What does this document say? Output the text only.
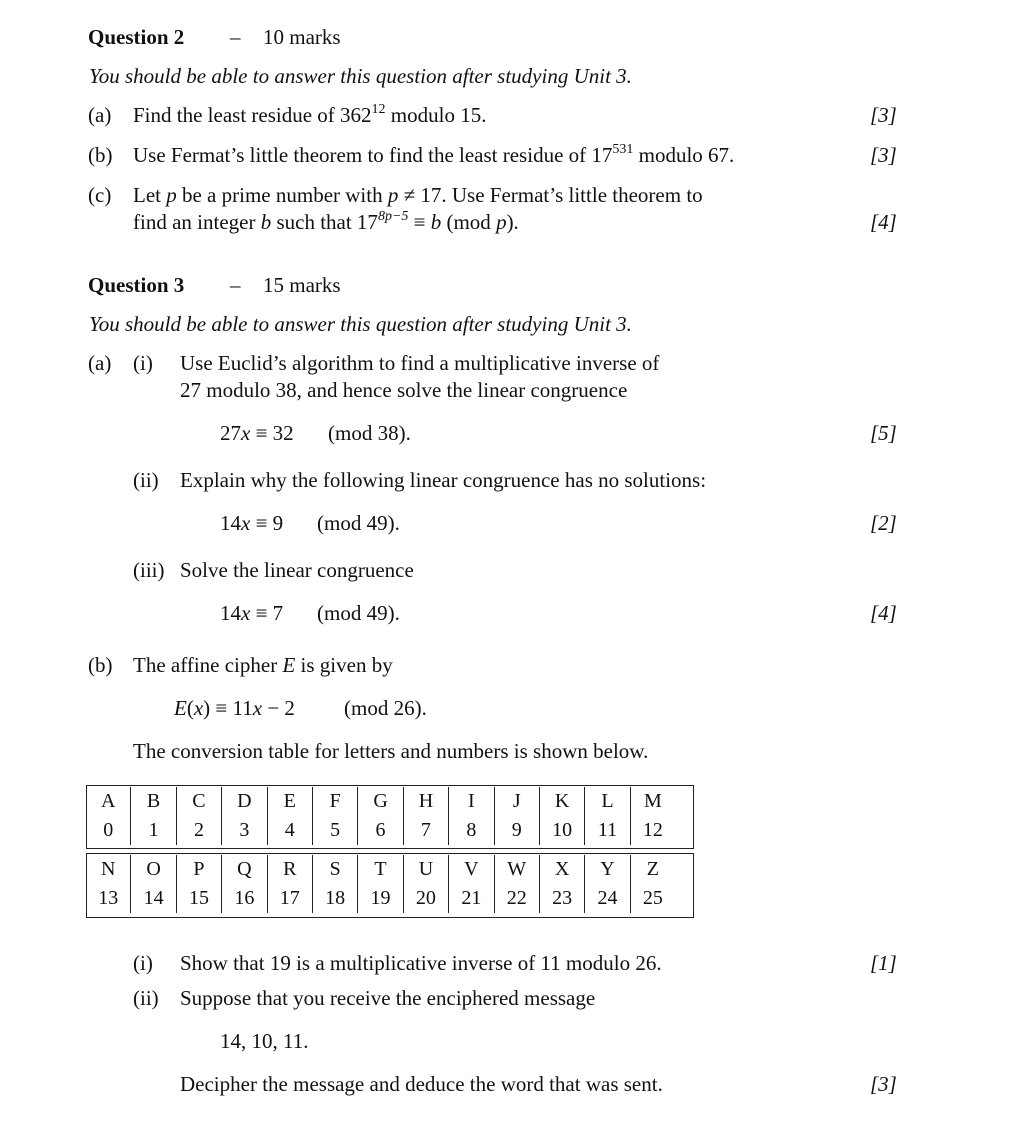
Question 2 – 10 marks
You should be able to answer this question after studying Unit 3.
(a) Find the least residue of $362^{12}$ modulo 15.	[3]
(b) Use Fermat’s little theorem to find the least residue of $17^{531}$ modulo 67.	[3]
(c) Let p be a prime number with p ≠ 17. Use Fermat’s little theorem to
find an integer b such that $17^{8p-5} \equiv b$ (mod p).	[4]
Question 3 – 15 marks
You should be able to answer this question after studying Unit 3.
(a) (i) Use Euclid’s algorithm to find a multiplicative inverse of
27 modulo 38, and hence solve the linear congruence
27x ≡ 32 (mod 38).	[5]
(ii) Explain why the following linear congruence has no solutions:
14x ≡ 9 (mod 49).	[2]
(iii) Solve the linear congruence
14x ≡ 7 (mod 49).	[4]
(b) The affine cipher E is given by
E(x) ≡ 11x − 2 (mod 26).
The conversion table for letters and numbers is shown below.
A	B	C	D	E	F	G	H	I	J	K	L	M
0	1	2	3	4	5	6	7	8	9	10	11	12
N	O	P	Q	R	S	T	U	V	W	X	Y	Z
13	14	15	16	17	18	19	20	21	22	23	24	25
(i) Show that 19 is a multiplicative inverse of 11 modulo 26.	[1]
(ii) Suppose that you receive the enciphered message
14, 10, 11.
Decipher the message and deduce the word that was sent.	[3]
